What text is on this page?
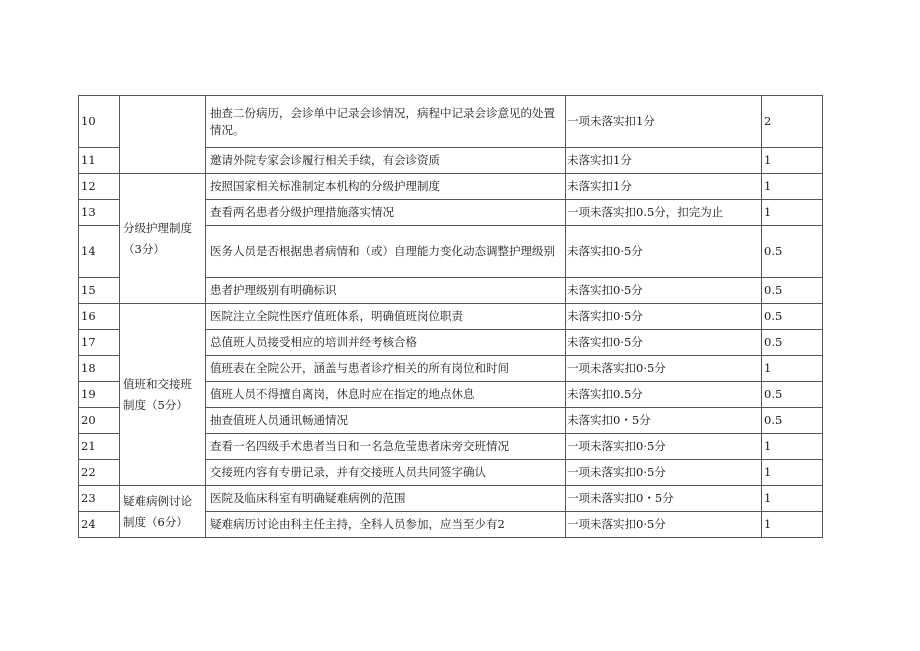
10		抽查二份病历，会诊单中记录会诊情况，病程中记录会诊意见的处置情况。	一项未落实扣1分	2
11		邀请外院专家会诊履行相关手续，有会诊资质	未落实扣1分	1
12	分级护理制度（3分）	按照国家相关标准制定本机构的分级护理制度	未落实扣1分	1
13		查看两名患者分级护理措施落实情况	一项未落实扣0.5分，扣完为止	1
14		医务人员是否根据患者病情和（或）自理能力变化动态调整护理级别	未落实扣0·5分	0.5
15		患者护理级别有明确标识	未落实扣0·5分	0.5
16	值班和交接班制度（5分）	医院注立全院性医疗值班体系，明确值班岗位职责	未落实扣0·5分	0.5
17		总值班人员接受相应的培训并经考核合格	未落实扣0·5分	0.5
18		值班表在全院公开，涵盖与患者诊疗相关的所有岗位和时间	一项未落实扣0·5分	1
19		值班人员不得擅自离岗，休息时应在指定的地点休息	未落实扣0.5分	0.5
20		抽查值班人员通讯畅通情况	未落实扣0・5分	0.5
21		查看一名四级手术患者当日和一名急危莹患者床旁交班情况	一项未落实扣0·5分	1
22		交接班内容有专册记录，并有交接班人员共同签字确认	一项未落实扣0·5分	1
23	疑难病例讨论制度（6分）	医院及临床科室有明确疑难病例的范围	一项未落实扣0・5分	1
24		疑难病历讨论由科主任主持，全科人员参加，应当至少有2	一项未落实扣0·5分	1
